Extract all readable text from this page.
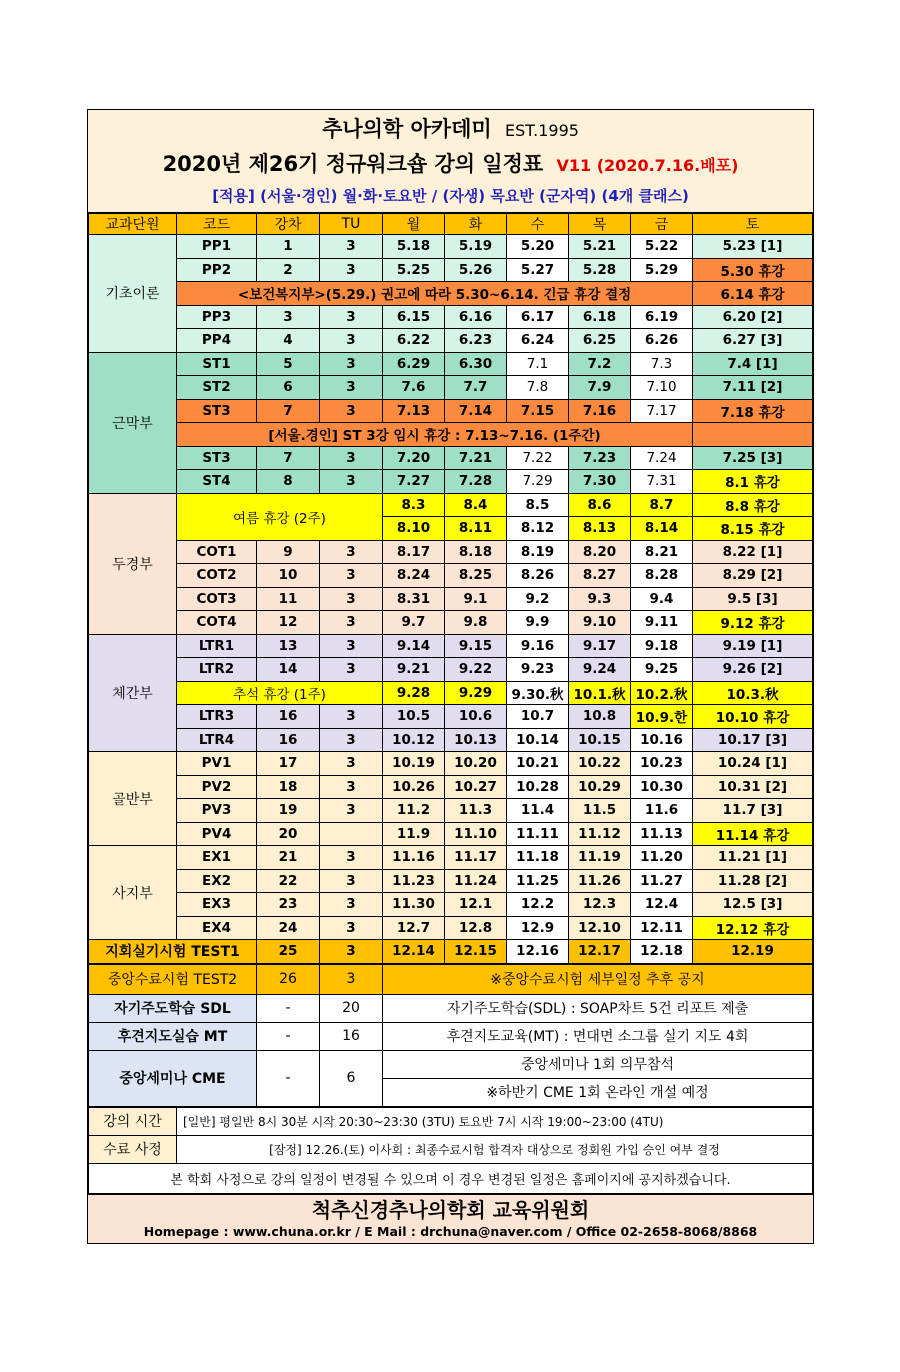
추나의학 아카데미 EST.1995
2020년 제26기 정규워크숍 강의 일정표 V11 (2020.7.16.배포)
[적용] (서울·경인) 월·화·토요반 / (자생) 목요반 (군자역) (4개 클래스)
교과단원	코드	강차	TU	월	화	수	목	금	토
기초이론	PP1	1	3	5.18	5.19	5.20	5.21	5.22	5.23 [1]
	PP2	2	3	5.25	5.26	5.27	5.28	5.29	5.30 휴강
	<보건복지부>(5.29.) 권고에 따라 5.30~6.14. 긴급 휴강 결정								6.14 휴강
	PP3	3	3	6.15	6.16	6.17	6.18	6.19	6.20 [2]
	PP4	4	3	6.22	6.23	6.24	6.25	6.26	6.27 [3]
근막부	ST1	5	3	6.29	6.30	7.1	7.2	7.3	7.4 [1]
	ST2	6	3	7.6	7.7	7.8	7.9	7.10	7.11 [2]
	ST3	7	3	7.13	7.14	7.15	7.16	7.17	7.18 휴강
	[서울.경인] ST 3강 임시 휴강 : 7.13~7.16. (1주간)								
	ST3	7	3	7.20	7.21	7.22	7.23	7.24	7.25 [3]
	ST4	8	3	7.27	7.28	7.29	7.30	7.31	8.1 휴강
두경부	여름 휴강 (2주)			8.3	8.4	8.5	8.6	8.7	8.8 휴강
				8.10	8.11	8.12	8.13	8.14	8.15 휴강
	COT1	9	3	8.17	8.18	8.19	8.20	8.21	8.22 [1]
	COT2	10	3	8.24	8.25	8.26	8.27	8.28	8.29 [2]
	COT3	11	3	8.31	9.1	9.2	9.3	9.4	9.5 [3]
	COT4	12	3	9.7	9.8	9.9	9.10	9.11	9.12 휴강
체간부	LTR1	13	3	9.14	9.15	9.16	9.17	9.18	9.19 [1]
	LTR2	14	3	9.21	9.22	9.23	9.24	9.25	9.26 [2]
	추석 휴강 (1주)			9.28	9.29	9.30.秋	10.1.秋	10.2.秋	10.3.秋
	LTR3	16	3	10.5	10.6	10.7	10.8	10.9.한	10.10 휴강
	LTR4	16	3	10.12	10.13	10.14	10.15	10.16	10.17 [3]
골반부	PV1	17	3	10.19	10.20	10.21	10.22	10.23	10.24 [1]
	PV2	18	3	10.26	10.27	10.28	10.29	10.30	10.31 [2]
	PV3	19	3	11.2	11.3	11.4	11.5	11.6	11.7 [3]
	PV4	20		11.9	11.10	11.11	11.12	11.13	11.14 휴강
사지부	EX1	21	3	11.16	11.17	11.18	11.19	11.20	11.21 [1]
	EX2	22	3	11.23	11.24	11.25	11.26	11.27	11.28 [2]
	EX3	23	3	11.30	12.1	12.2	12.3	12.4	12.5 [3]
	EX4	24	3	12.7	12.8	12.9	12.10	12.11	12.12 휴강
지회실기시험 TEST1		25	3	12.14	12.15	12.16	12.17	12.18	12.19
중앙수료시험 TEST2	26	3	※중앙수료시험 세부일정 추후 공지
자기주도학습 SDL	-	20	자기주도학습(SDL) : SOAP차트 5건 리포트 제출
후견지도실습 MT	-	16	후견지도교육(MT) : 면대면 소그룹 실기 지도 4회
중앙세미나 CME	-	6	중앙세미나 1회 의무참석
			※하반기 CME 1회 온라인 개설 예정
강의 시간	[일반] 평일반 8시 30분 시작 20:30~23:30 (3TU) 토요반 7시 시작 19:00~23:00 (4TU)
수료 사정	[잠정] 12.26.(토) 이사회 : 최종수료시험 합격자 대상으로 정회원 가입 승인 여부 결정
본 학회 사정으로 강의 일정이 변경될 수 있으며 이 경우 변경된 일정은 홈페이지에 공지하겠습니다.	
척추신경추나의학회 교육위원회
Homepage : www.chuna.or.kr / E Mail : drchuna@naver.com / Office 02-2658-8068/8868
